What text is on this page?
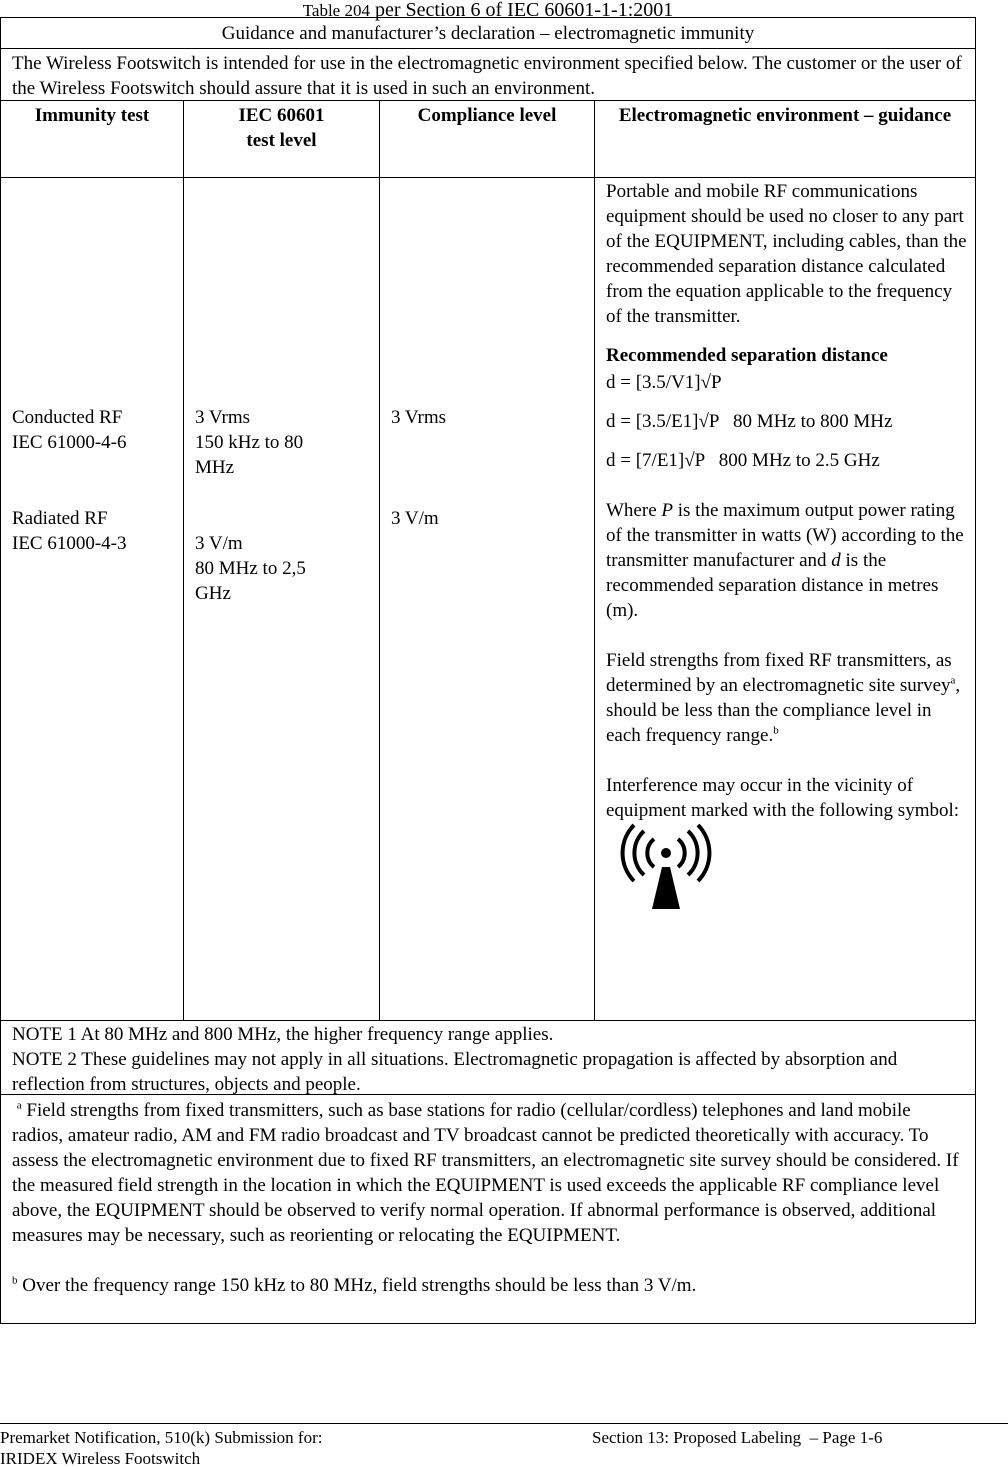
Table 204 per Section 6 of IEC 60601-1-1:2001
Guidance and manufacturer’s declaration – electromagnetic immunity
The Wireless Footswitch is intended for use in the electromagnetic environment specified below. The customer or the user of the Wireless Footswitch should assure that it is used in such an environment.
Immunity test	IEC 60601

test level

Compliance level	Electromagnetic environment – guidance

Conducted RF

IEC 61000-4-6

Radiated RF

IEC 61000-4-3

3 Vrms

150 kHz to 80 MHz

3 V/m

80 MHz to 2,5 GHz

3 Vrms

3 V/m

Portable and mobile RF communications equipment should be used no closer to any part of the EQUIPMENT, including cables, than the recommended separation distance calculated from the equation applicable to the frequency of the transmitter.

Recommended separation distance

d = [3.5/V1]√P

d = [3.5/E1]√P   80 MHz to 800 MHz

d = [7/E1]√P   800 MHz to 2.5 GHz

Where P is the maximum output power rating of the transmitter in watts (W) according to the transmitter manufacturer and d is the recommended separation distance in metres (m).

Field strengths from fixed RF transmitters, as determined by an electromagnetic site survey$^a$, should be less than the compliance level in each frequency range.$^b$

Interference may occur in the vicinity of equipment marked with the following symbol:

NOTE 1 At 80 MHz and 800 MHz, the higher frequency range applies.

NOTE 2 These guidelines may not apply in all situations. Electromagnetic propagation is affected by absorption and reflection from structures, objects and people.

$^a$ Field strengths from fixed transmitters, such as base stations for radio (cellular/cordless) telephones and land mobile radios, amateur radio, AM and FM radio broadcast and TV broadcast cannot be predicted theoretically with accuracy. To assess the electromagnetic environment due to fixed RF transmitters, an electromagnetic site survey should be considered. If the measured field strength in the location in which the EQUIPMENT is used exceeds the applicable RF compliance level above, the EQUIPMENT should be observed to verify normal operation. If abnormal performance is observed, additional measures may be necessary, such as reorienting or relocating the EQUIPMENT.

$^b$ Over the frequency range 150 kHz to 80 MHz, field strengths should be less than 3 V/m.

Premarket Notification, 510(k) Submission for:
IRIDEX Wireless Footswitch
Section 13: Proposed Labeling  – Page 1-6
